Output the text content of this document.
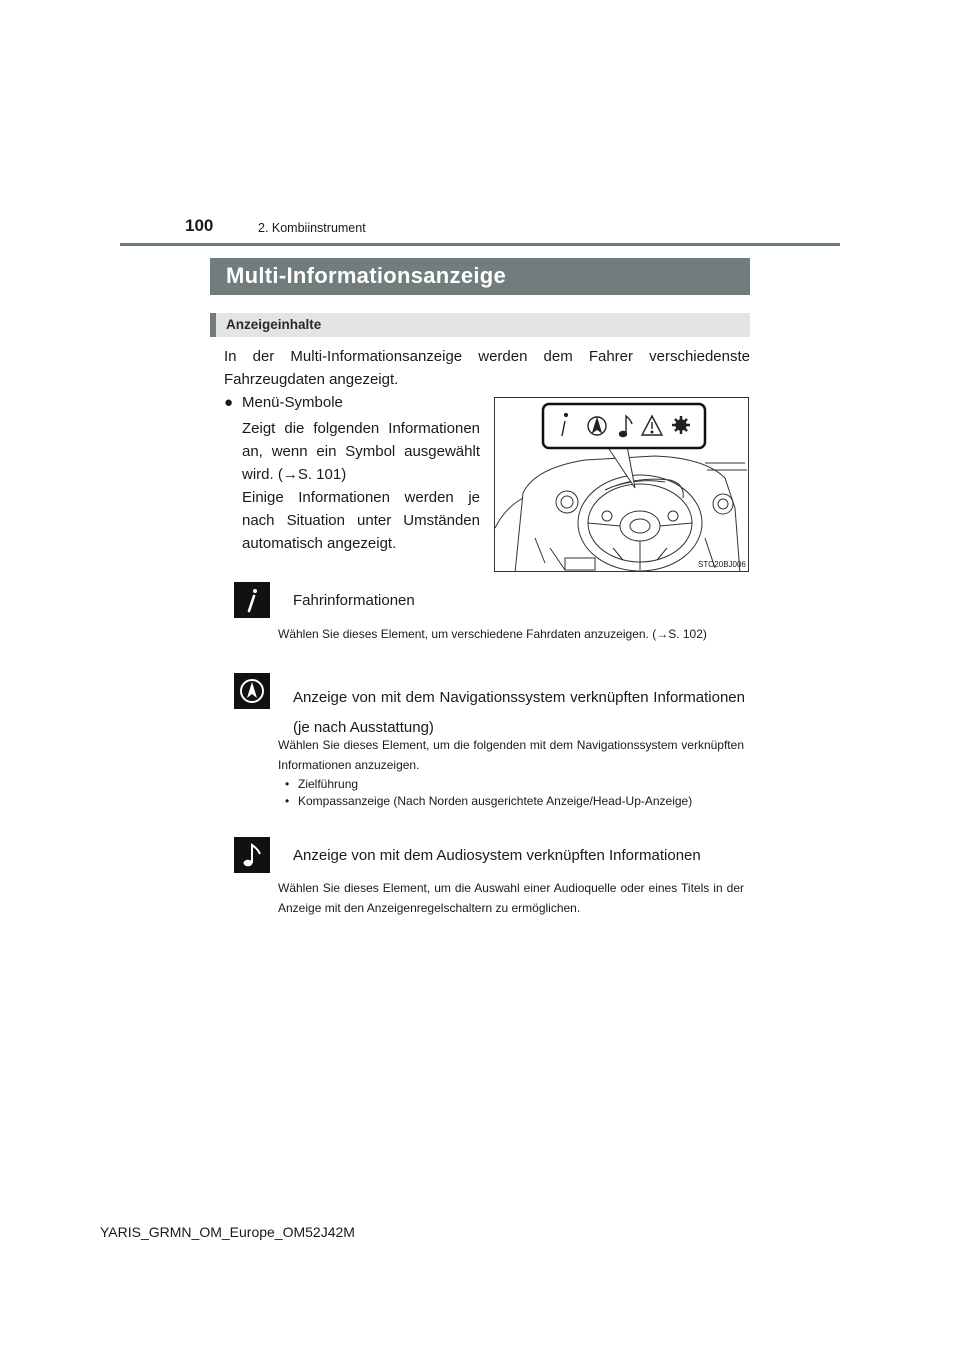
100	2. Kombiinstrument
Multi-Informationsanzeige
Anzeigeinhalte
In der Multi-Informationsanzeige werden dem Fahrer verschiedenste Fahrzeugdaten angezeigt.
● Menü-Symbole
Zeigt die folgenden Informationen an, wenn ein Symbol ausgewählt wird. (→S. 101)
Einige Informationen werden je nach Situation unter Umständen automatisch angezeigt.
STO20BJ006
Fahrinformationen
Wählen Sie dieses Element, um verschiedene Fahrdaten anzuzeigen. (→S. 102)
Anzeige von mit dem Navigationssystem verknüpften Informationen (je nach Ausstattung)
Wählen Sie dieses Element, um die folgenden mit dem Navigationssystem verknüpften Informationen anzuzeigen.
• Zielführung
• Kompassanzeige (Nach Norden ausgerichtete Anzeige/Head-Up-Anzeige)
Anzeige von mit dem Audiosystem verknüpften Informationen
Wählen Sie dieses Element, um die Auswahl einer Audioquelle oder eines Titels in der Anzeige mit den Anzeigenregelschaltern zu ermöglichen.
YARIS_GRMN_OM_Europe_OM52J42M
